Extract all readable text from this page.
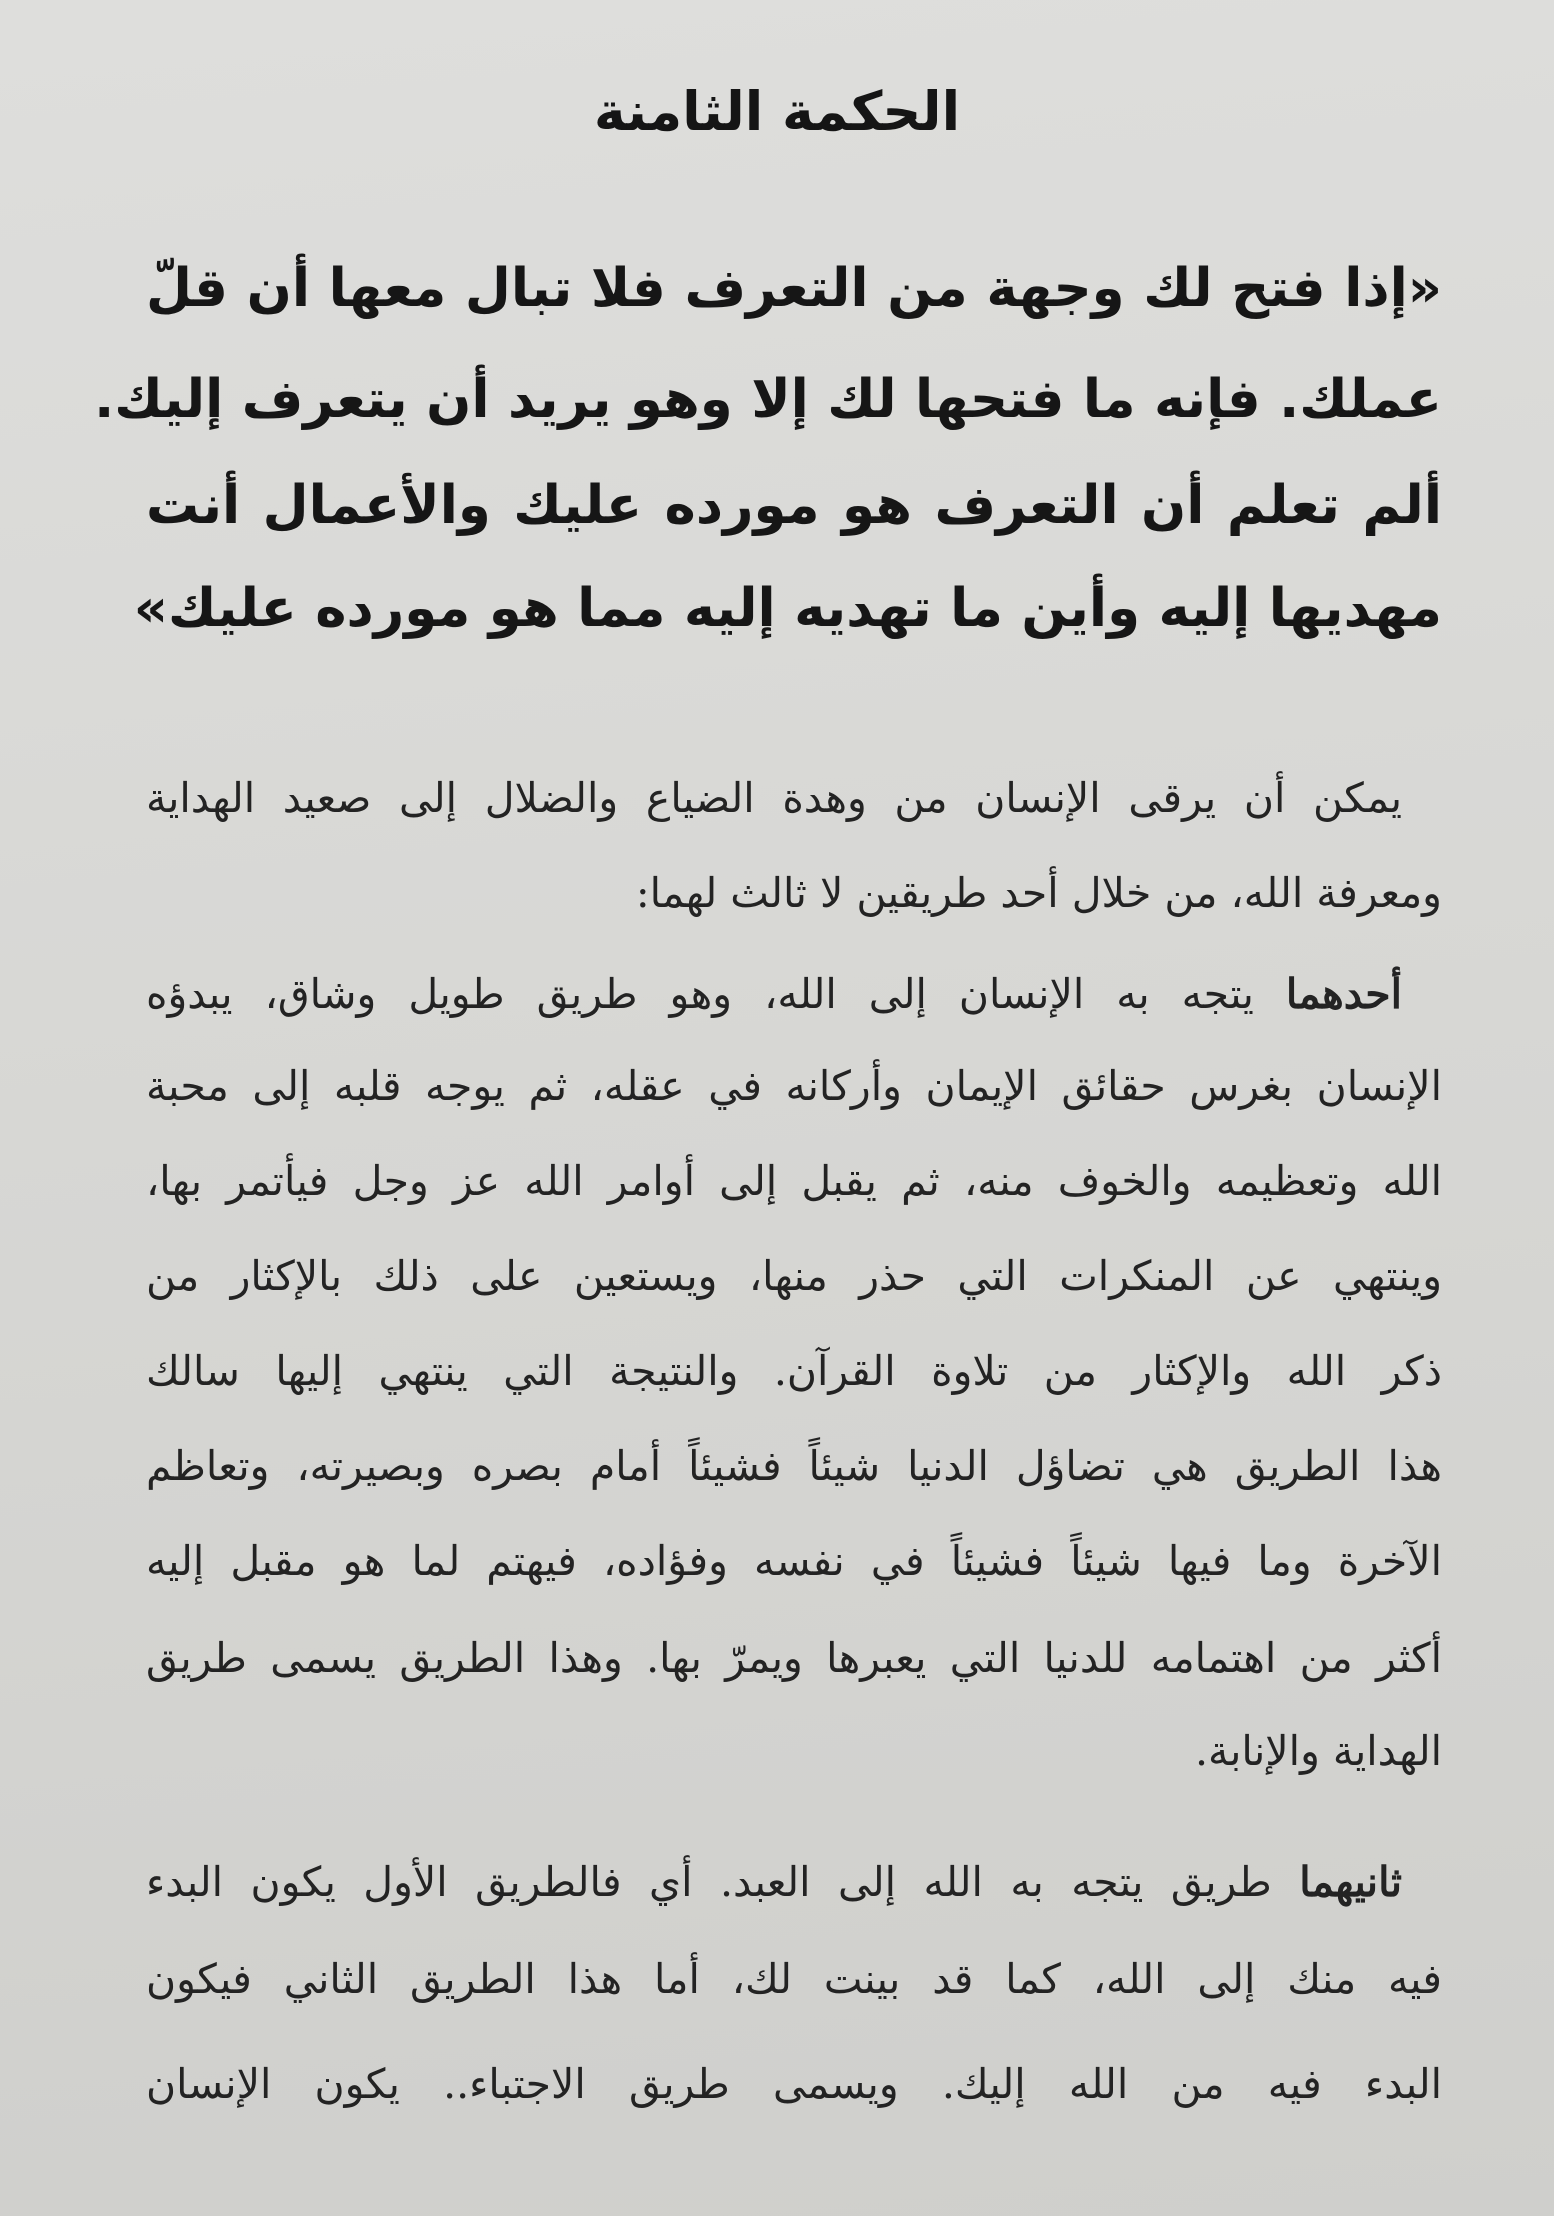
الحكمة الثامنة

«إذا فتح لك وجهة من التعرف فلا تبال معها أن قلّ

عملك. فإنه ما فتحها لك إلا وهو يريد أن يتعرف إليك.

ألم تعلم أن التعرف هو مورده عليك والأعمال أنت

مهديها إليه وأين ما تهديه إليه مما هو مورده عليك»

يمكن أن يرقى الإنسان من وهدة الضياع والضلال إلى صعيد الهداية

ومعرفة الله، من خلال أحد طريقين لا ثالث لهما:

أحدهما يتجه به الإنسان إلى الله، وهو طريق طويل وشاق، يبدؤه

الإنسان بغرس حقائق الإيمان وأركانه في عقله، ثم يوجه قلبه إلى محبة

الله وتعظيمه والخوف منه، ثم يقبل إلى أوامر الله عز وجل فيأتمر بها،

وينتهي عن المنكرات التي حذر منها، ويستعين على ذلك بالإكثار من

ذكر الله والإكثار من تلاوة القرآن. والنتيجة التي ينتهي إليها سالك

هذا الطريق هي تضاؤل الدنيا شيئاً فشيئاً أمام بصره وبصيرته، وتعاظم

الآخرة وما فيها شيئاً فشيئاً في نفسه وفؤاده، فيهتم لما هو مقبل إليه

أكثر من اهتمامه للدنيا التي يعبرها ويمرّ بها. وهذا الطريق يسمى طريق

الهداية والإنابة.

ثانيهما طريق يتجه به الله إلى العبد. أي فالطريق الأول يكون البدء

فيه منك إلى الله، كما قد بينت لك، أما هذا الطريق الثاني فيكون

البدء فيه من الله إليك. ويسمى طريق الاجتباء.. يكون الإنسان
